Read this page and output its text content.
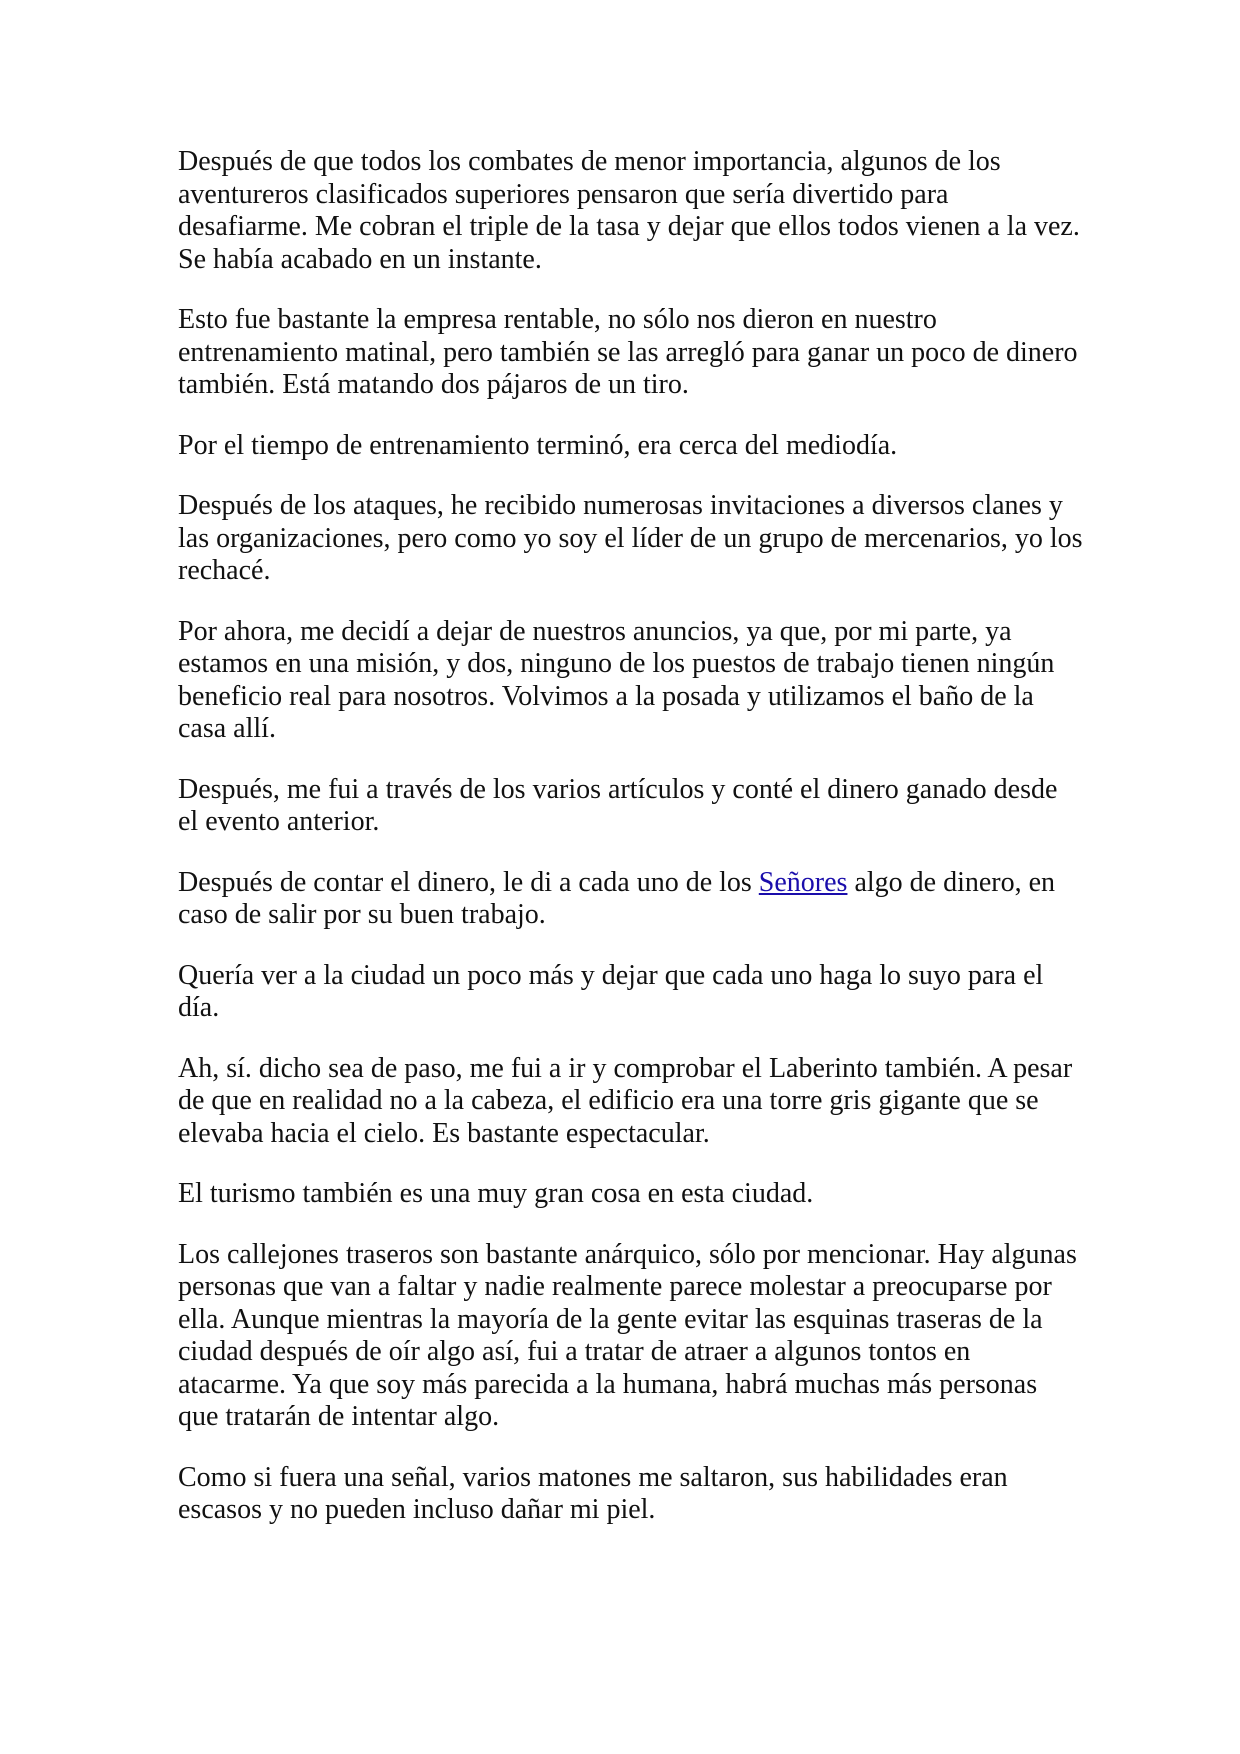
Después de que todos los combates de menor importancia, algunos de los aventureros clasificados superiores pensaron que sería divertido para desafiarme. Me cobran el triple de la tasa y dejar que ellos todos vienen a la vez. Se había acabado en un instante.

Esto fue bastante la empresa rentable, no sólo nos dieron en nuestro entrenamiento matinal, pero también se las arregló para ganar un poco de dinero también. Está matando dos pájaros de un tiro.

Por el tiempo de entrenamiento terminó, era cerca del mediodía.

Después de los ataques, he recibido numerosas invitaciones a diversos clanes y las organizaciones, pero como yo soy el líder de un grupo de mercenarios, yo los rechacé.

Por ahora, me decidí a dejar de nuestros anuncios, ya que, por mi parte, ya estamos en una misión, y dos, ninguno de los puestos de trabajo tienen ningún beneficio real para nosotros. Volvimos a la posada y utilizamos el baño de la casa allí.

Después, me fui a través de los varios artículos y conté el dinero ganado desde el evento anterior.

Después de contar el dinero, le di a cada uno de los Señores algo de dinero, en caso de salir por su buen trabajo.

Quería ver a la ciudad un poco más y dejar que cada uno haga lo suyo para el día.

Ah, sí. dicho sea de paso, me fui a ir y comprobar el Laberinto también. A pesar de que en realidad no a la cabeza, el edificio era una torre gris gigante que se elevaba hacia el cielo. Es bastante espectacular.

El turismo también es una muy gran cosa en esta ciudad.

Los callejones traseros son bastante anárquico, sólo por mencionar. Hay algunas personas que van a faltar y nadie realmente parece molestar a preocuparse por ella. Aunque mientras la mayoría de la gente evitar las esquinas traseras de la ciudad después de oír algo así, fui a tratar de atraer a algunos tontos en atacarme. Ya que soy más parecida a la humana, habrá muchas más personas que tratarán de intentar algo.

Como si fuera una señal, varios matones me saltaron, sus habilidades eran escasos y no pueden incluso dañar mi piel.
